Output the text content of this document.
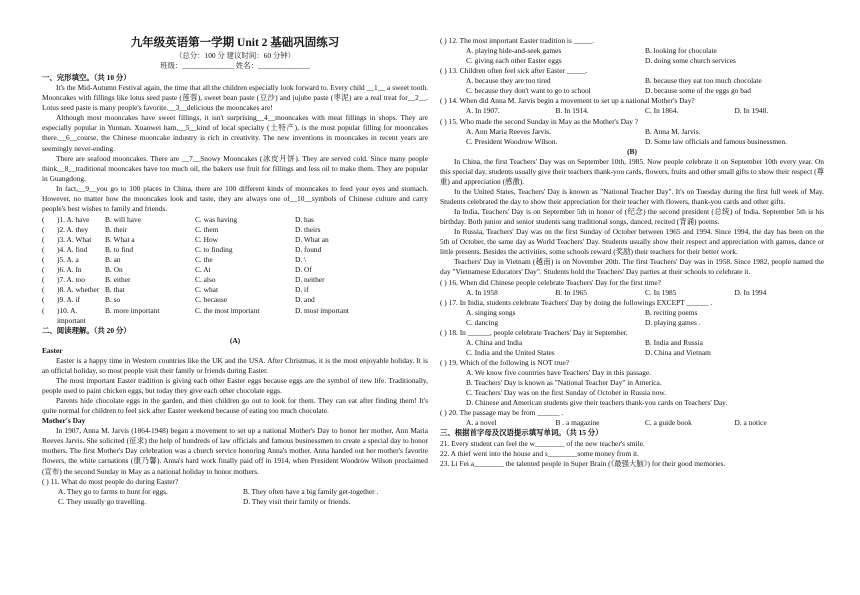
九年级英语第一学期 Unit 2 基础巩固练习
（总分：100 分 建议时间：60 分钟）
班级：______________ 姓名：______________
一、完形填空。（共 10 分）

It's the Mid-Autumn Festival again, the time that all the children especially look forward to. Every child __1__ a sweet tooth. Mooncakes with fillings like lotus seed paste (莲蓉), sweet bean paste (豆沙) and jujube paste (枣泥) are a real treat for__2__. Lotus seed paste is many people's favorite.__3__delicious the mooncakes are!

Although most mooncakes have sweet fillings, it isn't surprising__4__mooncakes with meat fillings in shops. They are especially popular in Yunnan. Xuanwei ham,__5__kind of local specialty (土特产), is the most popular filling for mooncakes there.__6__course, the Chinese mooncake industry is rich in creativity. The new inventions in mooncakes in recent years are seemingly never-ending.

There are seafood mooncakes. There are __7__Snowy Mooncakes (冰皮月饼). They are served cold. Since many people think__8__traditional mooncakes have too much oil, the bakers use fruit for fillings and less oil to make them. They are popular in Guangdong.

In fact,__9__you go to 100 places in China, there are 100 different kinds of mooncakes to feed your eyes and stomach. However, no matter how the mooncakes look and taste, they are always one of__10__symbols of Chinese culture and carry people's best wishes to family and friends.

(	)1. A. have	B. will have	C. was having	D. has
(	)2. A. they	B. their	C. them	D. theirs
(	)3. A. What	B. What a	C. How	D. What an
(	)4. A. find	B. to find	C. to finding	D. found
(	)5. A. a	B. an	C. the	D. \
(	)6. A. In	B. On	C. At	D. Of
(	)7. A. too	B. either	C. also	D. neither
(	)8. A. whether B. that	C. what	D. if
(	)9. A. if	B. so	C. because	D. and
(	)10. A. important
B. more important	C. the most important	D. most important
二、阅读理解。（共 20 分）
(A)
Easter

Easter is a happy time in Western countries like the UK and the USA. After Christmas, it is the most enjoyable holiday. It is an official holiday, so most people visit their family or friends during Easter.

The most important Easter tradition is giving each other Easter eggs because eggs are the symbol of new life. Traditionally, people used to paint chicken eggs, but today they give each other chocolate eggs.

Parents hide chocolate eggs in the garden, and then children go out to look for them. They can eat after finding them! It's quite normal for children to feel sick after Easter weekend because of eating too much chocolate.

Mother's Day

In 1907, Anna M. Jarvis (1864-1948) began a movement to set up a national Mother's Day to honor her mother, Ann Maria Reeves Jarvis. She solicited (征求) the help of hundreds of law officials and famous businessmen to create a special day to honor mothers. The first Mother's Day celebration was a church service honoring Anna's mother. Anna handed out her mother's favorite flowers, the white carnations (康乃馨). Anna's hard work finally paid off in 1914, when President Woodrow Wilson proclaimed (宣布) the second Sunday in May as a national holiday to honor mothers.

( ) 11. What do most people do during Easter?
A. They go to farms to hunt for eggs.	B. They often have a big family get-together .
C. They usually go travelling.	D. They visit their family or friends.
( ) 12. The most important Easter tradition is _____.
A. playing hide-and-seek games	B. looking for chocolate
C. giving each other Easter eggs	D. doing some church services
( ) 13. Children often feel sick after Easter _____.
A. because they are too tired	B. because they eat too much chocolate
C. because they don't want to go to school	D. because some of the eggs go bad
( ) 14. When did Anna M. Jarvis begin a movement to set up a national Mother's Day?
A. In 1907.	B. In 1914.	C. In 1864.	D. In 1948.
( ) 15. Who made the second Sunday in May as the Mother's Day ?
A. Ann Maria Reeves Jarvis.	B. Anna M. Jarvis.
C. President Woodrow Wilson.	D. Some law officials and famous businessmen.
(B)

In China, the first Teachers' Day was on September 10th, 1985. Now people celebrate it on September 10th every year. On this special day, students usually give their teachers thank-you cards, flowers, fruits and other small gifts to show their respect (尊重) and appreciation (感激).

In the United States, Teachers' Day is known as "National Teacher Day". It's on Tuesday during the first full week of May. Students celebrated the day to show their appreciation for their teacher with flowers, thank-you cards and other gifts.

In India, Teachers' Day is on September 5th in honor of (纪念) the second president (总统) of India. September 5th is his birthday. Both junior and senior students sang traditional songs, danced, recited (背诵) poems.

In Russia, Teachers' Day was on the first Sunday of October between 1965 and 1994. Since 1994, the day has been on the 5th of October, the same day as World Teachers' Day. Students usually show their respect and appreciation with games, dance or little presents. Besides the activities, some schools reward (奖励) their teachers for their better work.

Teachers' Day in Vietnam (越南) is on November 20th. The first Teachers' Day was in 1958. Since 1982, people named the day "Vietnamese Educators' Day". Students hold the Teachers' Day parties at their schools to celebrate it.

( ) 16. When did Chinese people celebrate Teachers' Day for the first time?
A. In 1958	B. In 1965	C. In 1985	D. In 1994
( ) 17. In India, students celebrate Teachers' Day by doing the followings EXCEPT ______ .
A. singing songs	B. reciting poems
C. dancing	D. playing games .
( ) 18. In ______, people celebrate Teachers' Day in September.
A. China and India	B. India and Russia
C. India and the United States	D. China and Vietnam
( ) 19. Which of the following is NOT true?
A. We know five countries have Teachers' Day in this passage.
B. Teachers' Day is known as "National Teacher Day" in America.
C. Teachers' Day was on the first Sunday of October in Russia now.
D. Chinese and American students give their teachers thank-you cards on Teachers' Day.
( ) 20. The passage may be from ______ .
A. a novel	B . a magazine	C. a guide book	D. a notice
三、根据首字母及汉语提示填写单词。（共 15 分）
21. Every student can feel the w________ of the new teacher's smile.
22. A thief went into the house and s________some money from it.
23. Li Fei a________ the talented people in Super Brain (《最强大脑》) for their good memories.
